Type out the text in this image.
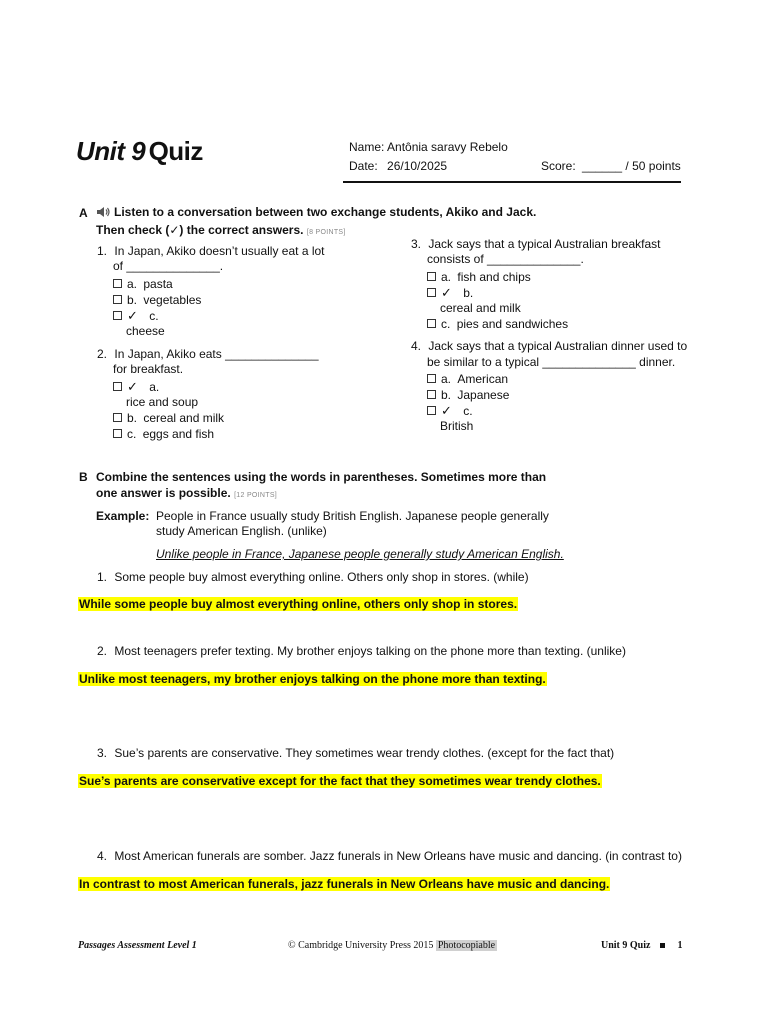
Unit 9 Quiz	Name: Antônia saravy Rebelo
Date: 26/10/2025	Score: ______ / 50 points
A	Listen to a conversation between two exchange students, Akiko and Jack.
Then check (✓) the correct answers. [8 POINTS]
1. In Japan, Akiko doesn’t usually eat a lot
of ______________.
a. pasta
b. vegetables
✓ c.
cheese
2. In Japan, Akiko eats ______________
for breakfast.
✓ a.
rice and soup
b. cereal and milk
c. eggs and fish
3. Jack says that a typical Australian breakfast
consists of ______________.
a. fish and chips
✓ b.
cereal and milk
c. pies and sandwiches
4. Jack says that a typical Australian dinner used to
be similar to a typical ______________ dinner.
a. American
b. Japanese
✓ c.
British
B Combine the sentences using the words in parentheses. Sometimes more than
one answer is possible. [12 POINTS]
Example: People in France usually study British English. Japanese people generally
study American English. (unlike)
Unlike people in France, Japanese people generally study American English.
1. Some people buy almost everything online. Others only shop in stores. (while)
While some people buy almost everything online, others only shop in stores.
2. Most teenagers prefer texting. My brother enjoys talking on the phone more than texting. (unlike)
Unlike most teenagers, my brother enjoys talking on the phone more than texting.
3. Sue’s parents are conservative. They sometimes wear trendy clothes. (except for the fact that)
Sue’s parents are conservative except for the fact that they sometimes wear trendy clothes.
4. Most American funerals are somber. Jazz funerals in New Orleans have music and dancing. (in contrast to)
In contrast to most American funerals, jazz funerals in New Orleans have music and dancing.
Passages Assessment Level 1	© Cambridge University Press 2015 Photocopiable	Unit 9 Quiz	1
